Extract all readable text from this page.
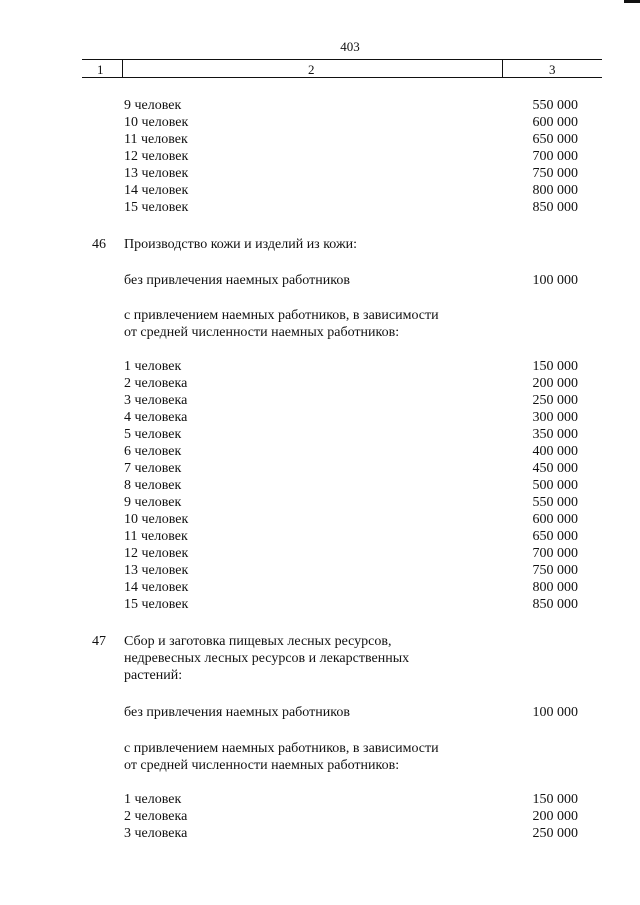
403
1	2	3
9 человек	550 000
10 человек	600 000
11 человек	650 000
12 человек	700 000
13 человек	750 000
14 человек	800 000
15 человек	850 000
46 Производство кожи и изделий из кожи:
без привлечения наемных работников	100 000
с привлечением наемных работников, в зависимости
от средней численности наемных работников:
1 человек	150 000
2 человека	200 000
3 человека	250 000
4 человека	300 000
5 человек	350 000
6 человек	400 000
7 человек	450 000
8 человек	500 000
9 человек	550 000
10 человек	600 000
11 человек	650 000
12 человек	700 000
13 человек	750 000
14 человек	800 000
15 человек	850 000
47 Сбор и заготовка пищевых лесных ресурсов,
недревесных лесных ресурсов и лекарственных
растений:
без привлечения наемных работников	100 000
с привлечением наемных работников, в зависимости
от средней численности наемных работников:
1 человек	150 000
2 человека	200 000
3 человека	250 000
